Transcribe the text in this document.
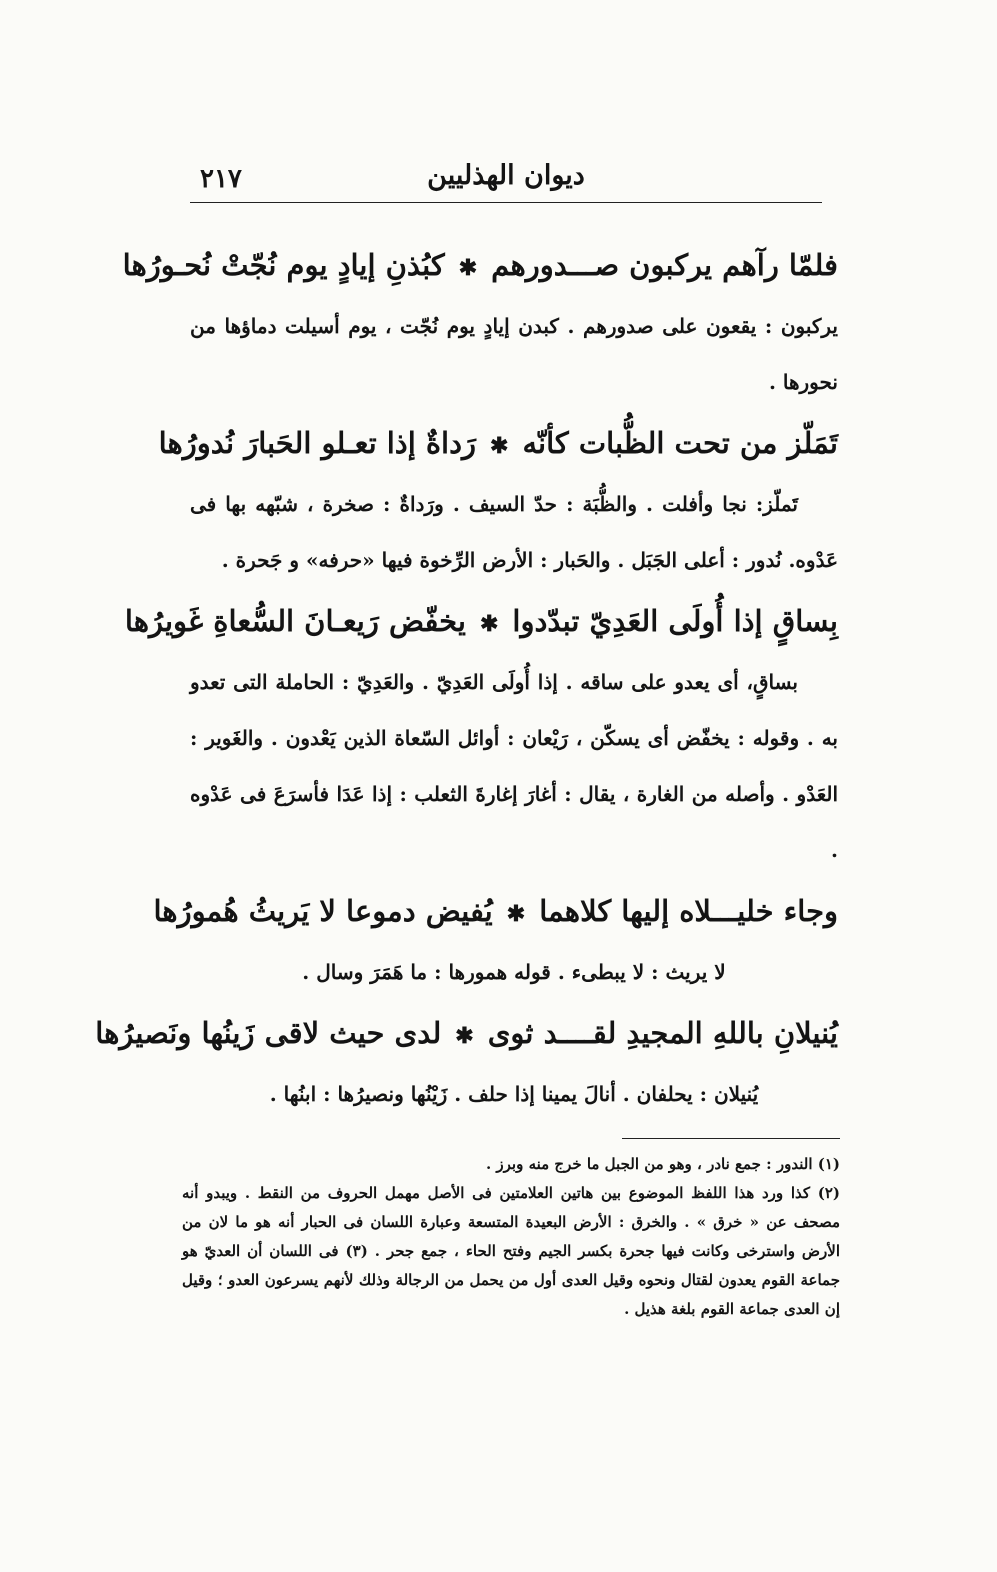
٢١٧	ديوان الهذليين
فلمّا رآهم يركبون صـــدورهم✱كبُذنِ إيادٍ يوم نُجّتْ نُحـورُها

يركبون : يقعون على صدورهم . كبدن إيادٍ يوم نُجّت ، يوم أسيلت دماؤها من نحورها .

تَمَلّز من تحت الظُّبات كأنّه✱رَداةٌ إذا تعـلو الحَبارَ نُدورُها

تَملّز: نجا وأفلت . والظُّبَة : حدّ السيف . ورَداةٌ : صخرة ، شبّهه بها فى عَدْوه. نُدور : أعلى الجَبَل . والحَبار : الأرض الرِّخوة فيها «حرفه» و جَحرة .

بِساقٍ إذا أُولَى العَدِيّ تبدّدوا✱يخفّض رَيعـانَ السُّعاةِ غَويرُها

بساقٍ، أى يعدو على ساقه . إذا أُولَى العَدِيّ . والعَدِيّ : الحاملة التى تعدو به . وقوله : يخفّض أى يسكّن ، رَيْعان : أوائل السّعاة الذين يَعْدون . والغَوير : العَدْو . وأصله من الغارة ، يقال : أغارَ إغارةَ الثعلب : إذا عَدَا فأسرَعَ فى عَدْوه .

وجاء خليـــلاه إليها كلاهما✱يُفيض دموعا لا يَريثُ هُمورُها

لا يريث : لا يبطىء . قوله همورها : ما هَمَرَ وسال .

يُنيلانِ باللهِ المجيدِ لقــــد ثوى✱لدى حيث لاقى زَينُها ونَصيرُها

يُنيلان : يحلفان . أنالَ يمينا إذا حلف . زَيْنُها ونصيرُها : ابنُها .

(١) الندور : جمع نادر ، وهو من الجبل ما خرج منه وبرز .

(٢) كذا ورد هذا اللفظ الموضوع بين هاتين العلامتين فى الأصل مهمل الحروف من النقط . ويبدو أنه مصحف عن « خرق » . والخرق : الأرض البعيدة المتسعة وعبارة اللسان فى الحبار أنه هو ما لان من الأرض واسترخى وكانت فيها جحرة بكسر الجيم وفتح الحاء ، جمع جحر . (٣) فى اللسان أن العديّ هو جماعة القوم يعدون لقتال ونحوه وقيل العدى أول من يحمل من الرجالة وذلك لأنهم يسرعون العدو ؛ وقيل إن العدى جماعة القوم بلغة هذيل .
